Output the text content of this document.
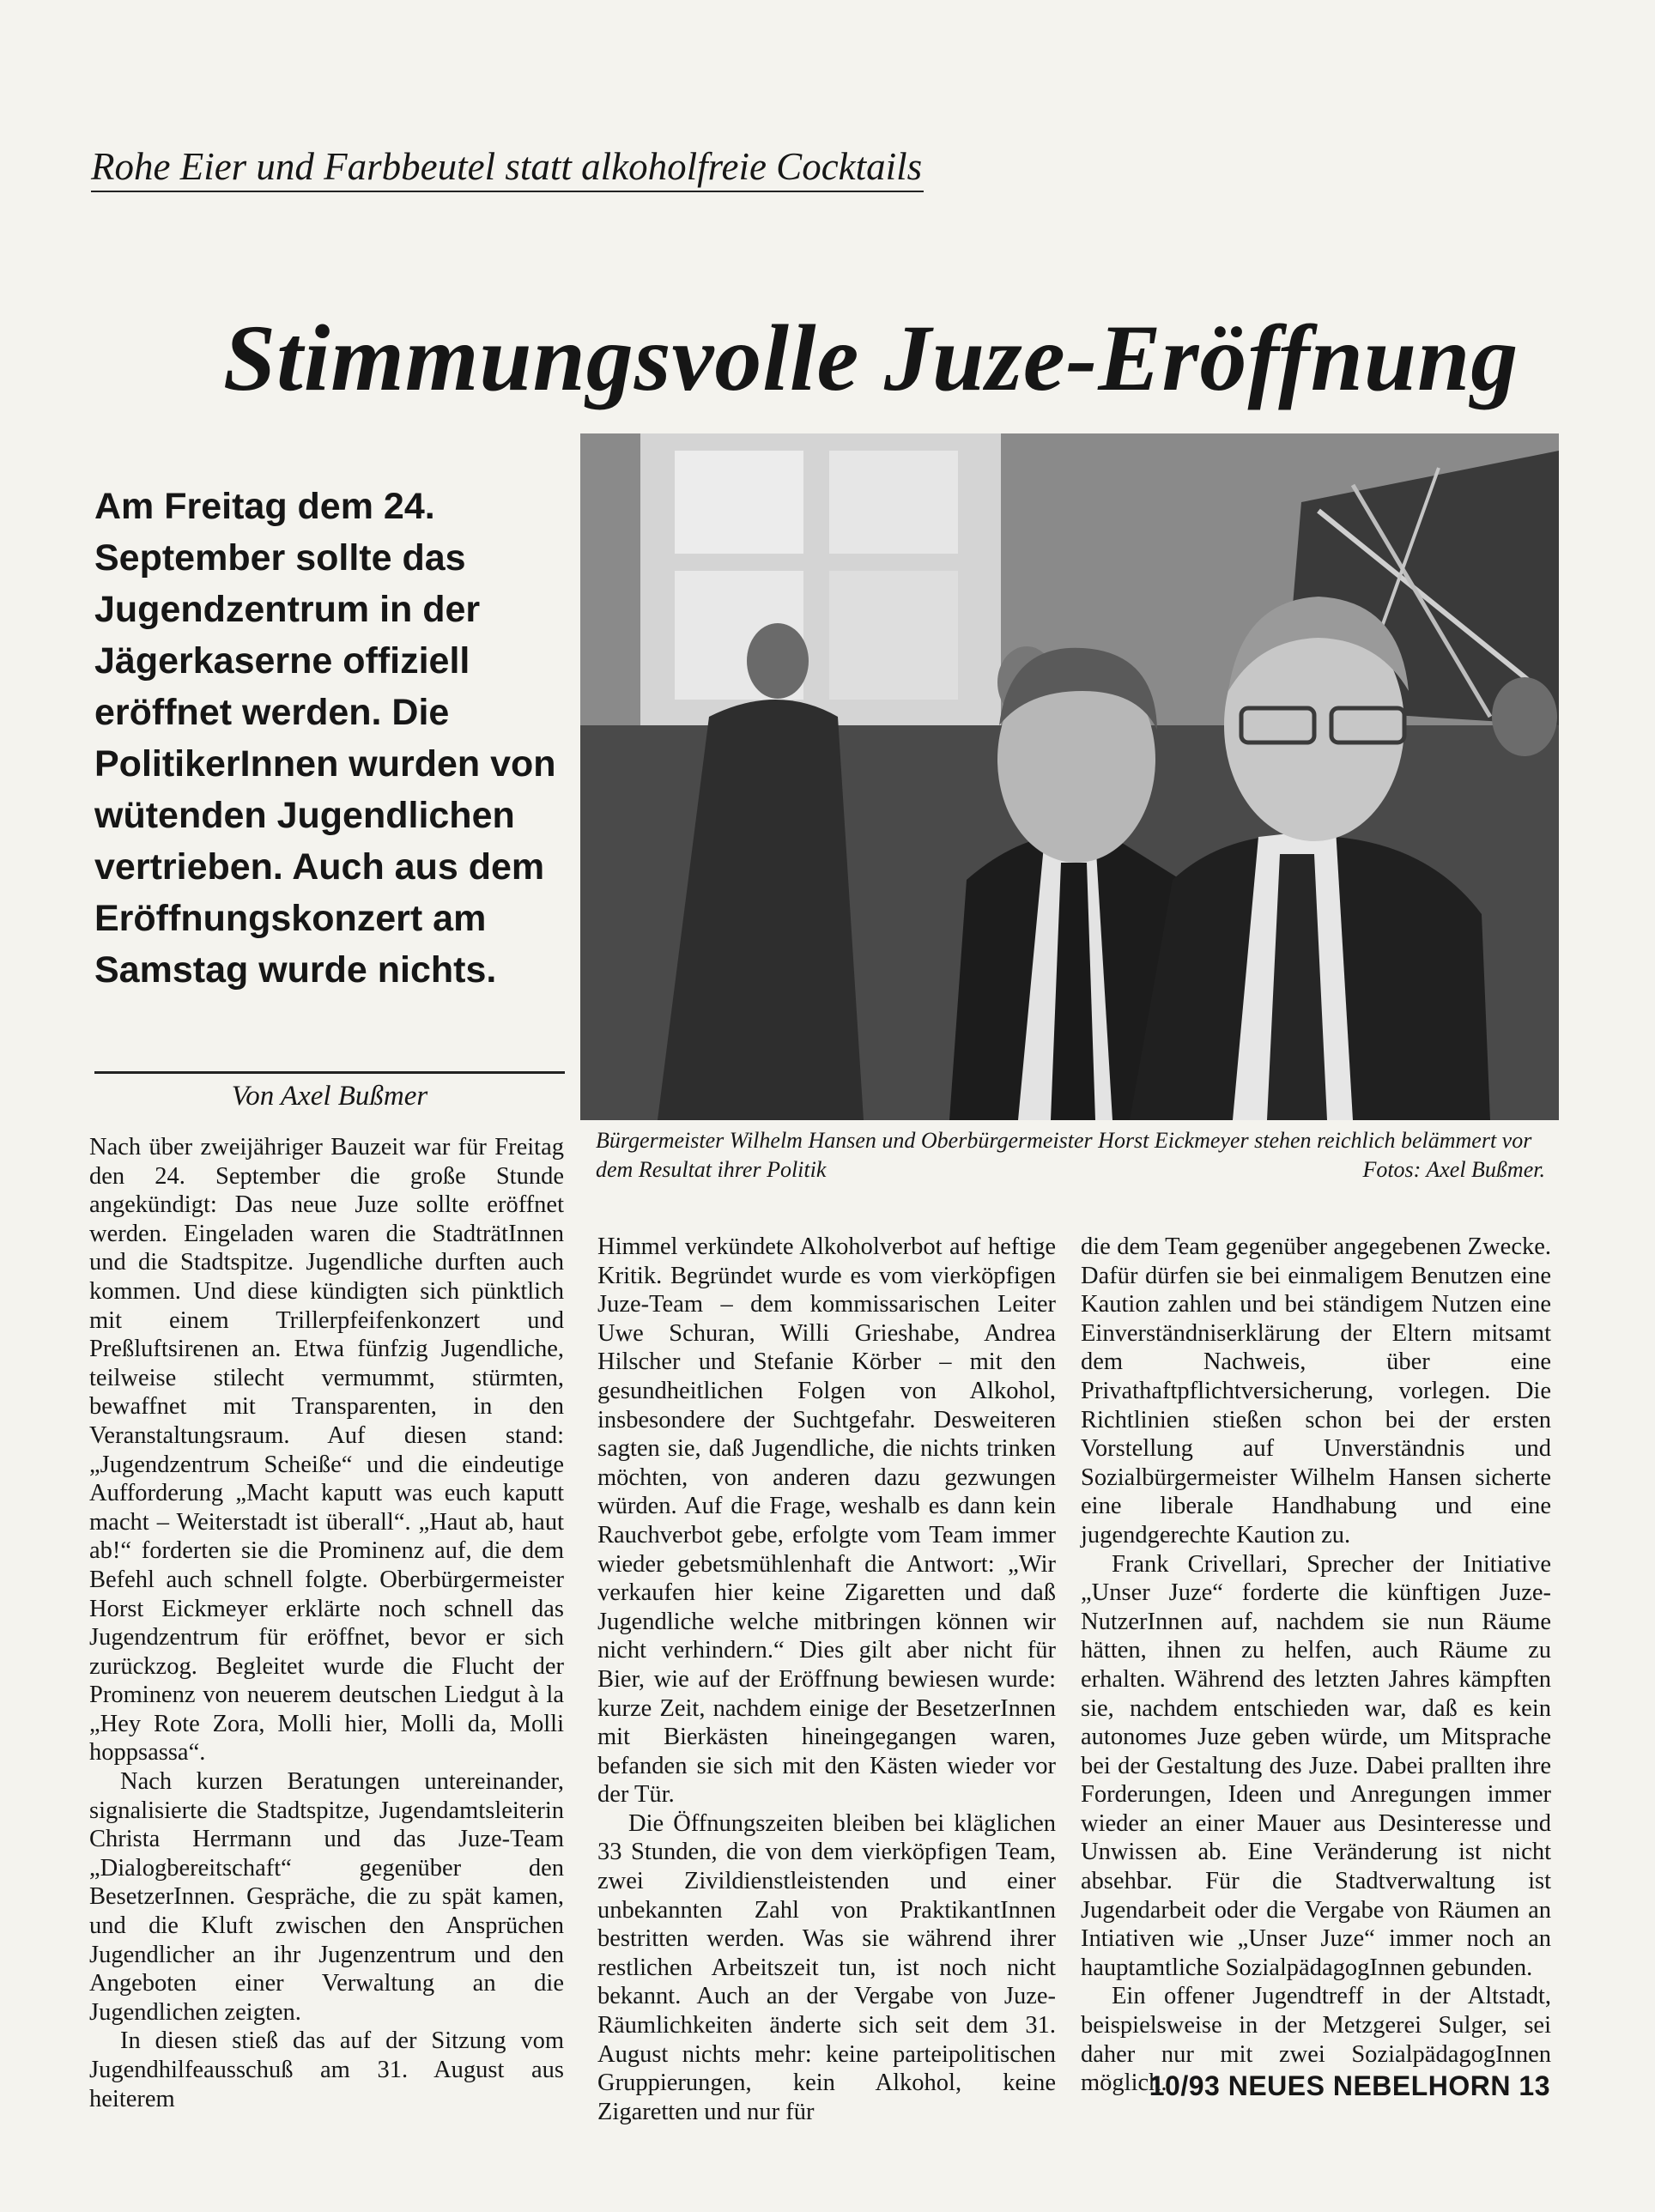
Rohe Eier und Farbbeutel statt alkoholfreie Cocktails
Stimmungsvolle Juze-Eröffnung

Am Freitag dem 24. September sollte das Jugendzentrum in der Jägerkaserne offiziell eröffnet werden. Die PolitikerInnen wurden von wütenden Jugendlichen vertrieben. Auch aus dem Eröffnungskonzert am Samstag wurde nichts.

Von Axel Bußmer
Bürgermeister Wilhelm Hansen und Oberbürgermeister Horst Eickmeyer stehen reichlich belämmert vor dem Resultat ihrer Politik	Fotos: Axel Bußmer.

Nach über zweijähriger Bauzeit war für Freitag den 24. September die große Stunde angekündigt: Das neue Juze sollte eröffnet werden. Eingeladen waren die StadträtInnen und die Stadtspitze. Jugendliche durften auch kommen. Und diese kündigten sich pünktlich mit einem Trillerpfeifenkonzert und Preßluftsirenen an. Etwa fünfzig Jugendliche, teilweise stilecht vermummt, stürmten, bewaffnet mit Transparenten, in den Veranstaltungsraum. Auf diesen stand: „Jugendzentrum Scheiße“ und die eindeutige Aufforderung „Macht kaputt was euch kaputt macht – Weiterstadt ist überall“. „Haut ab, haut ab!“ forderten sie die Prominenz auf, die dem Befehl auch schnell folgte. Oberbürgermeister Horst Eickmeyer erklärte noch schnell das Jugendzentrum für eröffnet, bevor er sich zurückzog. Begleitet wurde die Flucht der Prominenz von neuerem deutschen Liedgut à la „Hey Rote Zora, Molli hier, Molli da, Molli hoppsassa“.

Nach kurzen Beratungen untereinander, signalisierte die Stadtspitze, Jugendamtsleiterin Christa Herrmann und das Juze-Team „Dialogbereitschaft“ gegenüber den BesetzerInnen. Gespräche, die zu spät kamen, und die Kluft zwischen den Ansprüchen Jugendlicher an ihr Jugenzentrum und den Angeboten einer Verwaltung an die Jugendlichen zeigten.

In diesen stieß das auf der Sitzung vom Jugendhilfeausschuß am 31. August aus heiterem

Himmel verkündete Alkoholverbot auf heftige Kritik. Begründet wurde es vom vierköpfigen Juze-Team – dem kommissarischen Leiter Uwe Schuran, Willi Grieshabe, Andrea Hilscher und Stefanie Körber – mit den gesundheitlichen Folgen von Alkohol, insbesondere der Suchtgefahr. Desweiteren sagten sie, daß Jugendliche, die nichts trinken möchten, von anderen dazu gezwungen würden. Auf die Frage, weshalb es dann kein Rauchverbot gebe, erfolgte vom Team immer wieder gebetsmühlenhaft die Antwort: „Wir verkaufen hier keine Zigaretten und daß Jugendliche welche mitbringen können wir nicht verhindern.“ Dies gilt aber nicht für Bier, wie auf der Eröffnung bewiesen wurde: kurze Zeit, nachdem einige der BesetzerInnen mit Bierkästen hineingegangen waren, befanden sie sich mit den Kästen wieder vor der Tür.

Die Öffnungszeiten bleiben bei kläglichen 33 Stunden, die von dem vierköpfigen Team, zwei Zivildienstleistenden und einer unbekannten Zahl von PraktikantInnen bestritten werden. Was sie während ihrer restlichen Arbeitszeit tun, ist noch nicht bekannt. Auch an der Vergabe von Juze-Räumlichkeiten änderte sich seit dem 31. August nichts mehr: keine parteipolitischen Gruppierungen, kein Alkohol, keine Zigaretten und nur für

die dem Team gegenüber angegebenen Zwecke. Dafür dürfen sie bei einmaligem Benutzen eine Kaution zahlen und bei ständigem Nutzen eine Einverständniserklärung der Eltern mitsamt dem Nachweis, über eine Privathaftpflichtversicherung, vorlegen. Die Richtlinien stießen schon bei der ersten Vorstellung auf Unverständnis und Sozialbürgermeister Wilhelm Hansen sicherte eine liberale Handhabung und eine jugendgerechte Kaution zu.

Frank Crivellari, Sprecher der Initiative „Unser Juze“ forderte die künftigen Juze-NutzerInnen auf, nachdem sie nun Räume hätten, ihnen zu helfen, auch Räume zu erhalten. Während des letzten Jahres kämpften sie, nachdem entschieden war, daß es kein autonomes Juze geben würde, um Mitsprache bei der Gestaltung des Juze. Dabei prallten ihre Forderungen, Ideen und Anregungen immer wieder an einer Mauer aus Desinteresse und Unwissen ab. Eine Veränderung ist nicht absehbar. Für die Stadtverwaltung ist Jugendarbeit oder die Vergabe von Räumen an Intiativen wie „Unser Juze“ immer noch an hauptamtliche SozialpädagogInnen gebunden.

Ein offener Jugendtreff in der Altstadt, beispielsweise in der Metzgerei Sulger, sei daher nur mit zwei SozialpädagogInnen möglich.

10/93 NEUES NEBELHORN 13
